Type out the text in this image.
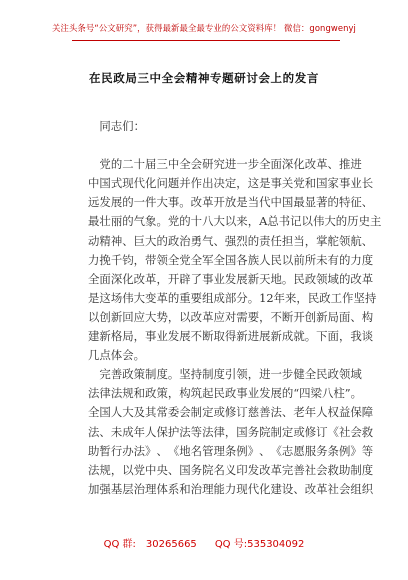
关注头条号“公文研究”，获得最新最全最专业的公文资料库！ 微信：gongwenyj
在民政局三中全会精神专题研讨会上的发言
　同志们：

党 的 二 十 届 三 中 全 会 研 究 进 一 步 全 面 深 化 改 革 、 推 进
中 国 式 现 代 化 问 题 并 作 出 决 定 ， 这 是 事 关 党 和 国 家 事 业 长
远 发 展 的 一 件 大 事 。 改 革 开 放 是 当 代 中 国 最 显 著 的 特 征 、
最 壮 丽 的 气 象 。 党 的 十 八 大 以 来 ， A 总 书 记 以 伟 大 的 历 史 主
动 精 神 、 巨 大 的 政 治 勇 气 、 强 烈 的 责 任 担 当 ， 掌 舵 领 航 、
力 挽 千 钧 ， 带 领 全 党 全 军 全 国 各 族 人 民 以 前 所 未 有 的 力 度
全 面 深 化 改 革 ， 开 辟 了 事 业 发 展 新 天 地 。 民 政 领 域 的 改 革
是 这 场 伟 大 变 革 的 重 要 组 成 部 分 。 1 2 年 来 ， 民 政 工 作 坚 持
以 创 新 回 应 大 势 ， 以 改 革 应 对 需 要 ， 不 断 开 创 新 局 面 、 构
建 新 格 局 ， 事 业 发 展 不 断 取 得 新 进 展 新 成 就 。 下 面 ， 我 谈
几点体会。

完 善 政 策 制 度 。 坚 持 制 度 引 领 ， 进 一 步 健 全 民 政 领 域
法 律 法 规 和 政 策 ， 构 筑 起 民 政 事 业 发 展 的 “ 四 梁 八 柱 ” 。
全 国 人 大 及 其 常 委 会 制 定 或 修 订 慈 善 法 、 老 年 人 权 益 保 障
法 、 未 成 年 人 保 护 法 等 法 律 ， 国 务 院 制 定 或 修 订 《 社 会 救
助 暂 行 办 法 》 、 《 地 名 管 理 条 例 》 、 《 志 愿 服 务 条 例 》 等
法 规 ， 以 党 中 央 、 国 务 院 名 义 印 发 改 革 完 善 社 会 救 助 制 度
加 强 基 层 治 理 体 系 和 治 理 能 力 现 代 化 建 设 、 改 革 社 会 组 织
QQ 群:　30265665 QQ 号:535304092
